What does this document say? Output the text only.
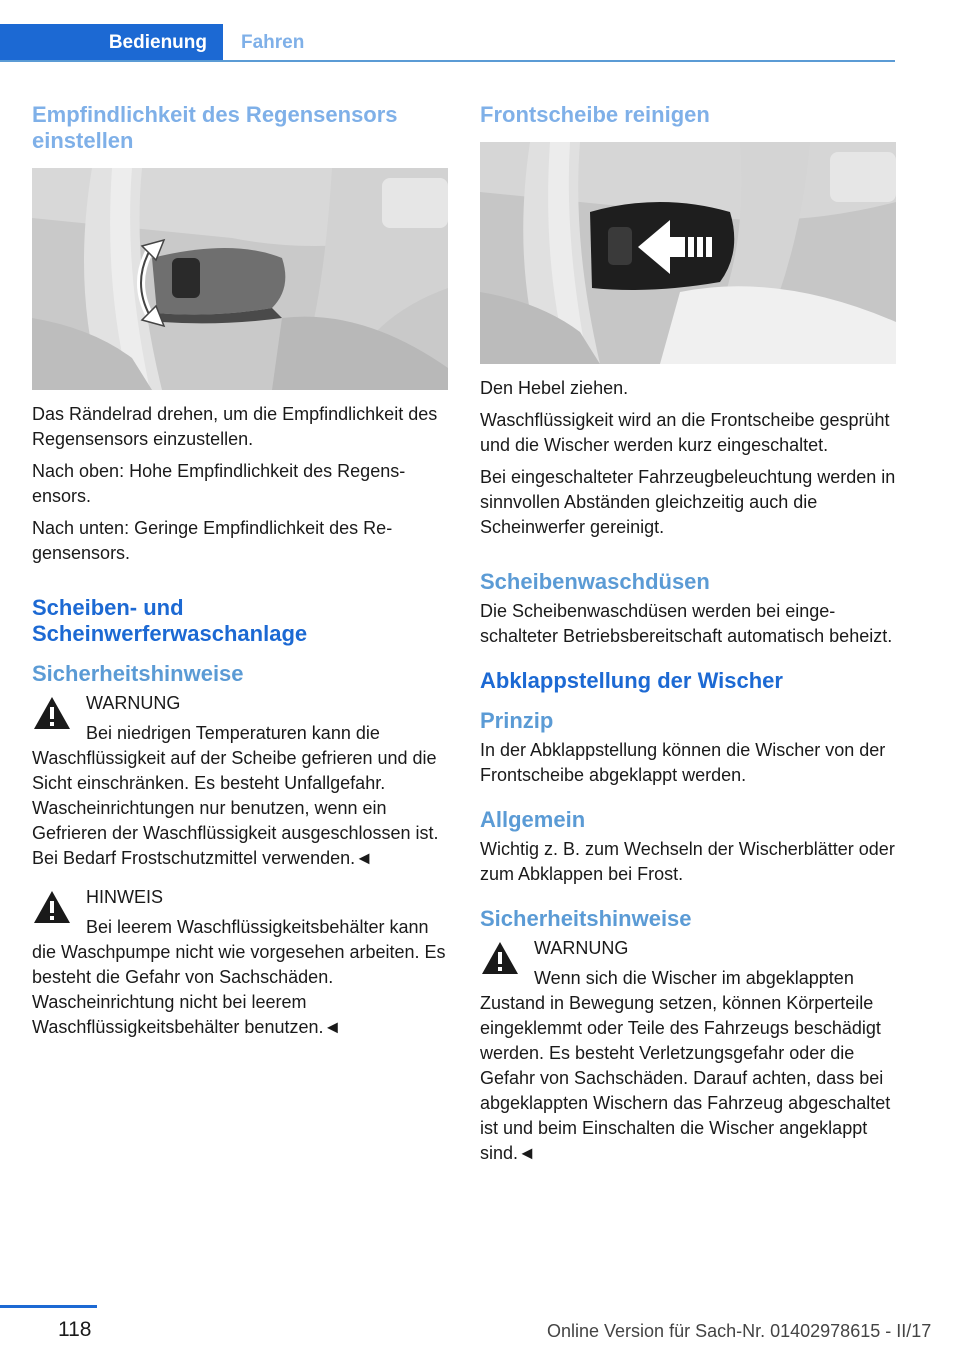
Bedienung	Fahren
Empfindlichkeit des Regensensors einstellen

Das Rändelrad drehen, um die Empfindlichkeit des Regensensors einzustellen.

Nach oben: Hohe Empfindlichkeit des Regensensors.

Nach unten: Geringe Empfindlichkeit des Regensensors.

Scheiben- und Scheinwerferwaschanlage
Sicherheitshinweise
WARNUNG

Bei niedrigen Temperaturen kann die Waschflüssigkeit auf der Scheibe gefrieren und die Sicht einschränken. Es besteht Unfallgefahr. Wascheinrichtungen nur benutzen, wenn ein Gefrieren der Waschflüssigkeit ausgeschlossen ist. Bei Bedarf Frostschutzmittel verwenden.◄

HINWEIS

Bei leerem Waschflüssigkeitsbehälter kann die Waschpumpe nicht wie vorgesehen arbeiten. Es besteht die Gefahr von Sachschäden. Wascheinrichtung nicht bei leerem Waschflüssigkeitsbehälter benutzen.◄

Frontscheibe reinigen

Den Hebel ziehen.

Waschflüssigkeit wird an die Frontscheibe gesprüht und die Wischer werden kurz eingeschaltet.

Bei eingeschalteter Fahrzeugbeleuchtung werden in sinnvollen Abständen gleichzeitig auch die Scheinwerfer gereinigt.

Scheibenwaschdüsen

Die Scheibenwaschdüsen werden bei eingeschalteter Betriebsbereitschaft automatisch beheizt.

Abklappstellung der Wischer
Prinzip

In der Abklappstellung können die Wischer von der Frontscheibe abgeklappt werden.

Allgemein

Wichtig z. B. zum Wechseln der Wischerblätter oder zum Abklappen bei Frost.

Sicherheitshinweise
WARNUNG

Wenn sich die Wischer im abgeklappten Zustand in Bewegung setzen, können Körperteile eingeklemmt oder Teile des Fahrzeugs beschädigt werden. Es besteht Verletzungsgefahr oder die Gefahr von Sachschäden. Darauf achten, dass bei abgeklappten Wischern das Fahrzeug abgeschaltet ist und beim Einschalten die Wischer angeklappt sind.◄

118	Online Version für Sach-Nr. 01402978615 - II/17
